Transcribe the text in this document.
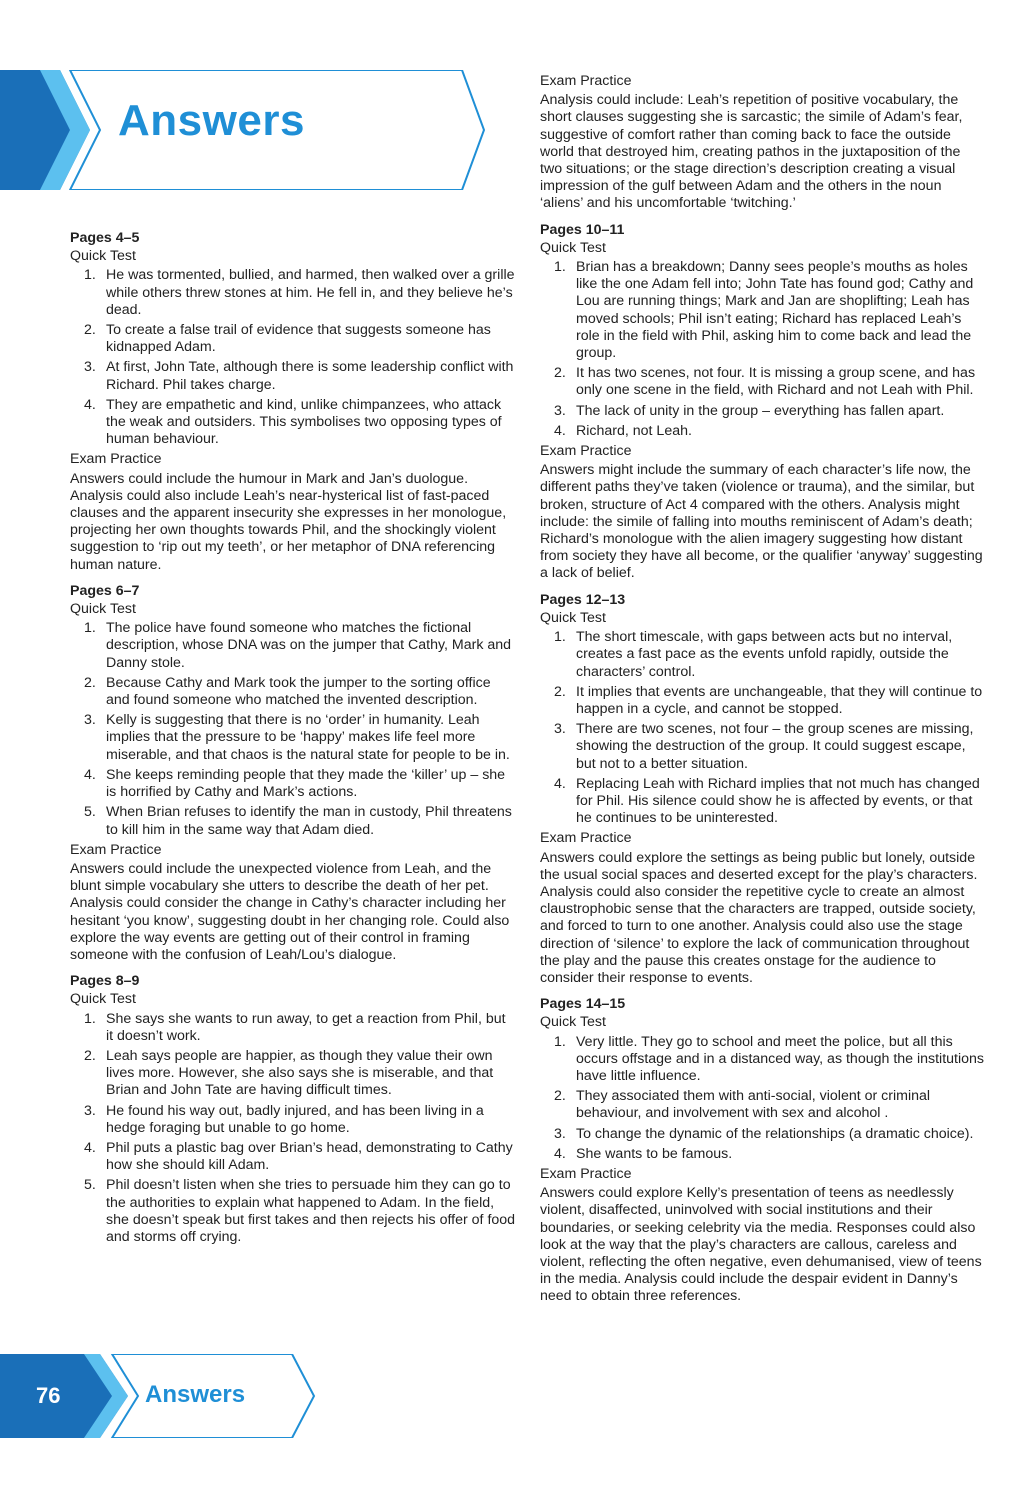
Answers
Pages 4–5
Quick Test
1. He was tormented, bullied, and harmed, then walked over a grille while others threw stones at him. He fell in, and they believe he’s dead.
2. To create a false trail of evidence that suggests someone has kidnapped Adam.
3. At first, John Tate, although there is some leadership conflict with Richard. Phil takes charge.
4. They are empathetic and kind, unlike chimpanzees, who attack the weak and outsiders. This symbolises two opposing types of human behaviour.
Exam Practice
Answers could include the humour in Mark and Jan’s duologue. Analysis could also include Leah’s near-hysterical list of fast-paced clauses and the apparent insecurity she expresses in her monologue, projecting her own thoughts towards Phil, and the shockingly violent suggestion to ‘rip out my teeth’, or her metaphor of DNA referencing human nature.
Pages 6–7
Quick Test
1. The police have found someone who matches the fictional description, whose DNA was on the jumper that Cathy, Mark and Danny stole.
2. Because Cathy and Mark took the jumper to the sorting office and found someone who matched the invented description.
3. Kelly is suggesting that there is no ‘order’ in humanity. Leah implies that the pressure to be ‘happy’ makes life feel more miserable, and that chaos is the natural state for people to be in.
4. She keeps reminding people that they made the ‘killer’ up – she is horrified by Cathy and Mark’s actions.
5. When Brian refuses to identify the man in custody, Phil threatens to kill him in the same way that Adam died.
Exam Practice
Answers could include the unexpected violence from Leah, and the blunt simple vocabulary she utters to describe the death of her pet. Analysis could consider the change in Cathy’s character including her hesitant ‘you know’, suggesting doubt in her changing role. Could also explore the way events are getting out of their control in framing someone with the confusion of Leah/Lou’s dialogue.
Pages 8–9
Quick Test
1. She says she wants to run away, to get a reaction from Phil, but it doesn’t work.
2. Leah says people are happier, as though they value their own lives more. However, she also says she is miserable, and that Brian and John Tate are having difficult times.
3. He found his way out, badly injured, and has been living in a hedge foraging but unable to go home.
4. Phil puts a plastic bag over Brian’s head, demonstrating to Cathy how she should kill Adam.
5. Phil doesn’t listen when she tries to persuade him they can go to the authorities to explain what happened to Adam. In the field, she doesn’t speak but first takes and then rejects his offer of food and storms off crying.
Exam Practice
Analysis could include: Leah’s repetition of positive vocabulary, the short clauses suggesting she is sarcastic; the simile of Adam’s fear, suggestive of comfort rather than coming back to face the outside world that destroyed him, creating pathos in the juxtaposition of the two situations; or the stage direction’s description creating a visual impression of the gulf between Adam and the others in the noun ‘aliens’ and his uncomfortable ‘twitching.’
Pages 10–11
Quick Test
1. Brian has a breakdown; Danny sees people’s mouths as holes like the one Adam fell into; John Tate has found god; Cathy and Lou are running things; Mark and Jan are shoplifting; Leah has moved schools; Phil isn’t eating; Richard has replaced Leah’s role in the field with Phil, asking him to come back and lead the group.
2. It has two scenes, not four. It is missing a group scene, and has only one scene in the field, with Richard and not Leah with Phil.
3. The lack of unity in the group – everything has fallen apart.
4. Richard, not Leah.
Exam Practice
Answers might include the summary of each character’s life now, the different paths they’ve taken (violence or trauma), and the similar, but broken, structure of Act 4 compared with the others. Analysis might include: the simile of falling into mouths reminiscent of Adam’s death; Richard’s monologue with the alien imagery suggesting how distant from society they have all become, or the qualifier ‘anyway’ suggesting a lack of belief.
Pages 12–13
Quick Test
1. The short timescale, with gaps between acts but no interval, creates a fast pace as the events unfold rapidly, outside the characters’ control.
2. It implies that events are unchangeable, that they will continue to happen in a cycle, and cannot be stopped.
3. There are two scenes, not four – the group scenes are missing, showing the destruction of the group. It could suggest escape, but not to a better situation.
4. Replacing Leah with Richard implies that not much has changed for Phil. His silence could show he is affected by events, or that he continues to be uninterested.
Exam Practice
Answers could explore the settings as being public but lonely, outside the usual social spaces and deserted except for the play’s characters. Analysis could also consider the repetitive cycle to create an almost claustrophobic sense that the characters are trapped, outside society, and forced to turn to one another. Analysis could also use the stage direction of ‘silence’ to explore the lack of communication throughout the play and the pause this creates onstage for the audience to consider their response to events.
Pages 14–15
Quick Test
1. Very little. They go to school and meet the police, but all this occurs offstage and in a distanced way, as though the institutions have little influence.
2. They associated them with anti-social, violent or criminal behaviour, and involvement with sex and alcohol .
3. To change the dynamic of the relationships (a dramatic choice).
4. She wants to be famous.
Exam Practice
Answers could explore Kelly’s presentation of teens as needlessly violent, disaffected, uninvolved with social institutions and their boundaries, or seeking celebrity via the media. Responses could also look at the way that the play’s characters are callous, careless and violent, reflecting the often negative, even dehumanised, view of teens in the media. Analysis could include the despair evident in Danny’s need to obtain three references.
76	Answers
